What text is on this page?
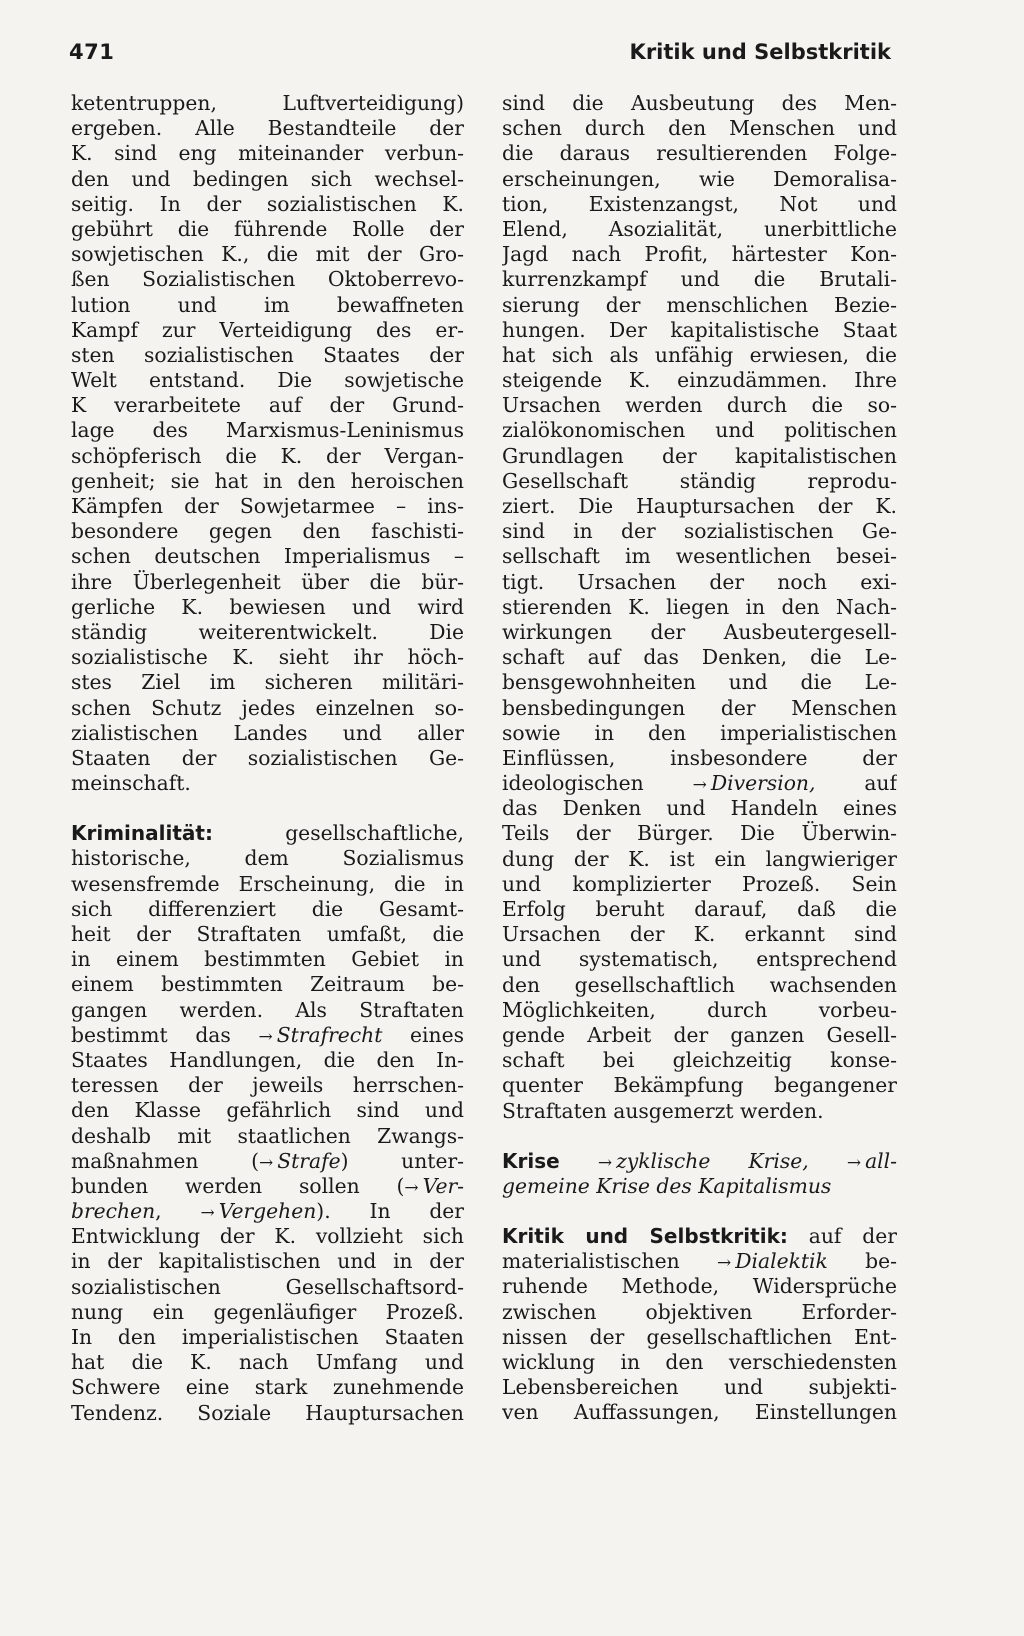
471	Kritik und Selbstkritik
ketentruppen, Luftverteidigung)
ergeben. Alle Bestandteile der
K. sind eng miteinander verbun-
den und bedingen sich wechsel-
seitig. In der sozialistischen K.
gebührt die führende Rolle der
sowjetischen K., die mit der Gro-
ßen Sozialistischen Oktoberrevo-
lution und im bewaffneten
Kampf zur Verteidigung des er-
sten sozialistischen Staates der
Welt entstand. Die sowjetische
K verarbeitete auf der Grund-
lage des Marxismus-Leninismus
schöpferisch die K. der Vergan-
genheit; sie hat in den heroischen
Kämpfen der Sowjetarmee – ins-
besondere gegen den faschisti-
schen deutschen Imperialismus –
ihre Überlegenheit über die bür-
gerliche K. bewiesen und wird
ständig weiterentwickelt. Die
sozialistische K. sieht ihr höch-
stes Ziel im sicheren militäri-
schen Schutz jedes einzelnen so-
zialistischen Landes und aller
Staaten der sozialistischen Ge-
meinschaft.
Kriminalität:	gesellschaftliche,
historische, dem Sozialismus
wesensfremde Erscheinung, die in
sich differenziert die Gesamt-
heit der Straftaten umfaßt, die
in einem bestimmten Gebiet in
einem bestimmten Zeitraum be-
gangen werden. Als Straftaten
bestimmt das → Strafrecht eines
Staates Handlungen, die den In-
teressen der jeweils herrschen-
den Klasse gefährlich sind und
deshalb mit staatlichen Zwangs-
maßnahmen (→ Strafe) unter-
bunden werden sollen (→ Ver-
brechen, → Vergehen). In der
Entwicklung der K. vollzieht sich
in der kapitalistischen und in der
sozialistischen Gesellschaftsord-
nung ein gegenläufiger Prozeß.
In den imperialistischen Staaten
hat die K. nach Umfang und
Schwere eine stark zunehmende
Tendenz. Soziale Hauptursachen
sind die Ausbeutung des Men-
schen durch den Menschen und
die daraus resultierenden Folge-
erscheinungen, wie Demoralisa-
tion, Existenzangst, Not und
Elend, Asozialität, unerbittliche
Jagd nach Profit, härtester Kon-
kurrenzkampf und die Brutali-
sierung der menschlichen Bezie-
hungen. Der kapitalistische Staat
hat sich als unfähig erwiesen, die
steigende K. einzudämmen. Ihre
Ursachen werden durch die so-
zialökonomischen und politischen
Grundlagen der kapitalistischen
Gesellschaft ständig reprodu-
ziert. Die Hauptursachen der K.
sind in der sozialistischen Ge-
sellschaft im wesentlichen besei-
tigt. Ursachen der noch exi-
stierenden K. liegen in den Nach-
wirkungen der Ausbeutergesell-
schaft auf das Denken, die Le-
bensgewohnheiten und die Le-
bensbedingungen der Menschen
sowie in den imperialistischen
Einflüssen, insbesondere der
ideologischen	→ Diversion, auf
das Denken und Handeln eines
Teils der Bürger. Die Überwin-
dung der K. ist ein langwieriger
und komplizierter Prozeß. Sein
Erfolg beruht darauf, daß die
Ursachen der K. erkannt sind
und systematisch, entsprechend
den gesellschaftlich wachsenden
Möglichkeiten, durch vorbeu-
gende Arbeit der ganzen Gesell-
schaft bei gleichzeitig konse-
quenter Bekämpfung begangener
Straftaten ausgemerzt werden.
Krise → zyklische Krise, → all-
gemeine Krise des Kapitalismus
Kritik und Selbstkritik: auf der
materialistischen → Dialektik be-
ruhende Methode, Widersprüche
zwischen objektiven Erforder-
nissen der gesellschaftlichen Ent-
wicklung in den verschiedensten
Lebensbereichen und subjekti-
ven Auffassungen, Einstellungen
